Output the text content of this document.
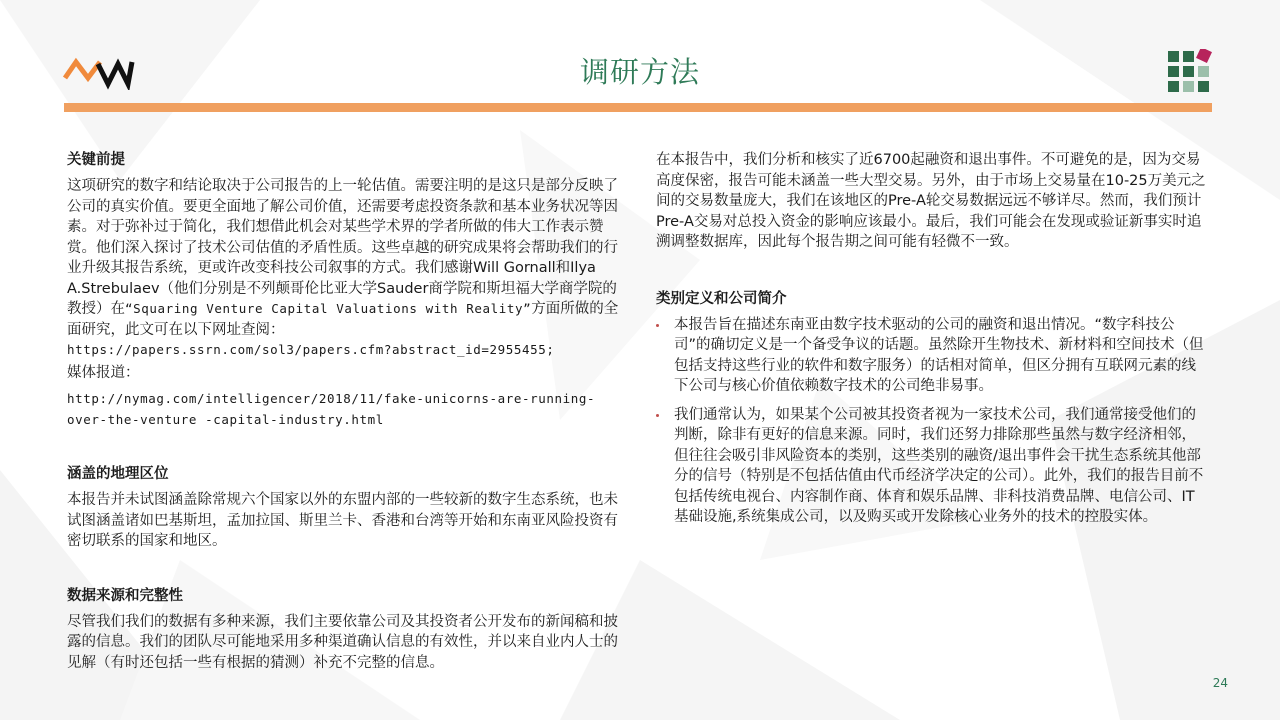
调研方法
关键前提

这项研究的数字和结论取决于公司报告的上一轮估值。需要注明的是这只是部分反映了公司的真实价值。要更全面地了解公司价值，还需要考虑投资条款和基本业务状况等因素。对于弥补过于简化，我们想借此机会对某些学术界的学者所做的伟大工作表示赞赏。他们深入探讨了技术公司估值的矛盾性质。这些卓越的研究成果将会帮助我们的行业升级其报告系统，更或许改变科技公司叙事的方式。我们感谢Will Gornall和Ilya A.Strebulaev（他们分别是不列颠哥伦比亚大学Sauder商学院和斯坦福大学商学院的教授）在“Squaring Venture Capital Valuations with Reality”方面所做的全面研究，此文可在以下网址查阅： https://papers.ssrn.com/sol3/papers.cfm?abstract_id=2955455;

媒体报道：

http://nymag.com/intelligencer/2018/11/fake-unicorns-are-running-over-the-venture -capital-industry.html

涵盖的地理区位

本报告并未试图涵盖除常规六个国家以外的东盟内部的一些较新的数字生态系统，也未试图涵盖诸如巴基斯坦，孟加拉国、斯里兰卡、香港和台湾等开始和东南亚风险投资有密切联系的国家和地区。

数据来源和完整性

尽管我们我们的数据有多种来源，我们主要依靠公司及其投资者公开发布的新闻稿和披露的信息。我们的团队尽可能地采用多种渠道确认信息的有效性，并以来自业内人士的见解（有时还包括一些有根据的猜测）补充不完整的信息。

在本报告中，我们分析和核实了近6700起融资和退出事件。不可避免的是，因为交易高度保密，报告可能未涵盖一些大型交易。另外，由于市场上交易量在10-25万美元之间的交易数量庞大，我们在该地区的Pre-A轮交易数据远远不够详尽。然而，我们预计Pre-A交易对总投入资金的影响应该最小。最后，我们可能会在发现或验证新事实时追溯调整数据库，因此每个报告期之间可能有轻微不一致。

类别定义和公司简介
本报告旨在描述东南亚由数字技术驱动的公司的融资和退出情况。“数字科技公司”的确切定义是一个备受争议的话题。虽然除开生物技术、新材料和空间技术（但包括支持这些行业的软件和数字服务）的话相对简单，但区分拥有互联网元素的线下公司与核心价值依赖数字技术的公司绝非易事。
我们通常认为，如果某个公司被其投资者视为一家技术公司，我们通常接受他们的判断，除非有更好的信息来源。同时，我们还努力排除那些虽然与数字经济相邻，但往往会吸引非风险资本的类别，这些类别的融资/退出事件会干扰生态系统其他部分的信号（特别是不包括估值由代币经济学决定的公司）。此外，我们的报告目前不包括传统电视台、内容制作商、体育和娱乐品牌、非科技消费品牌、电信公司、IT基础设施,系统集成公司，以及购买或开发除核心业务外的技术的控股实体。
24
